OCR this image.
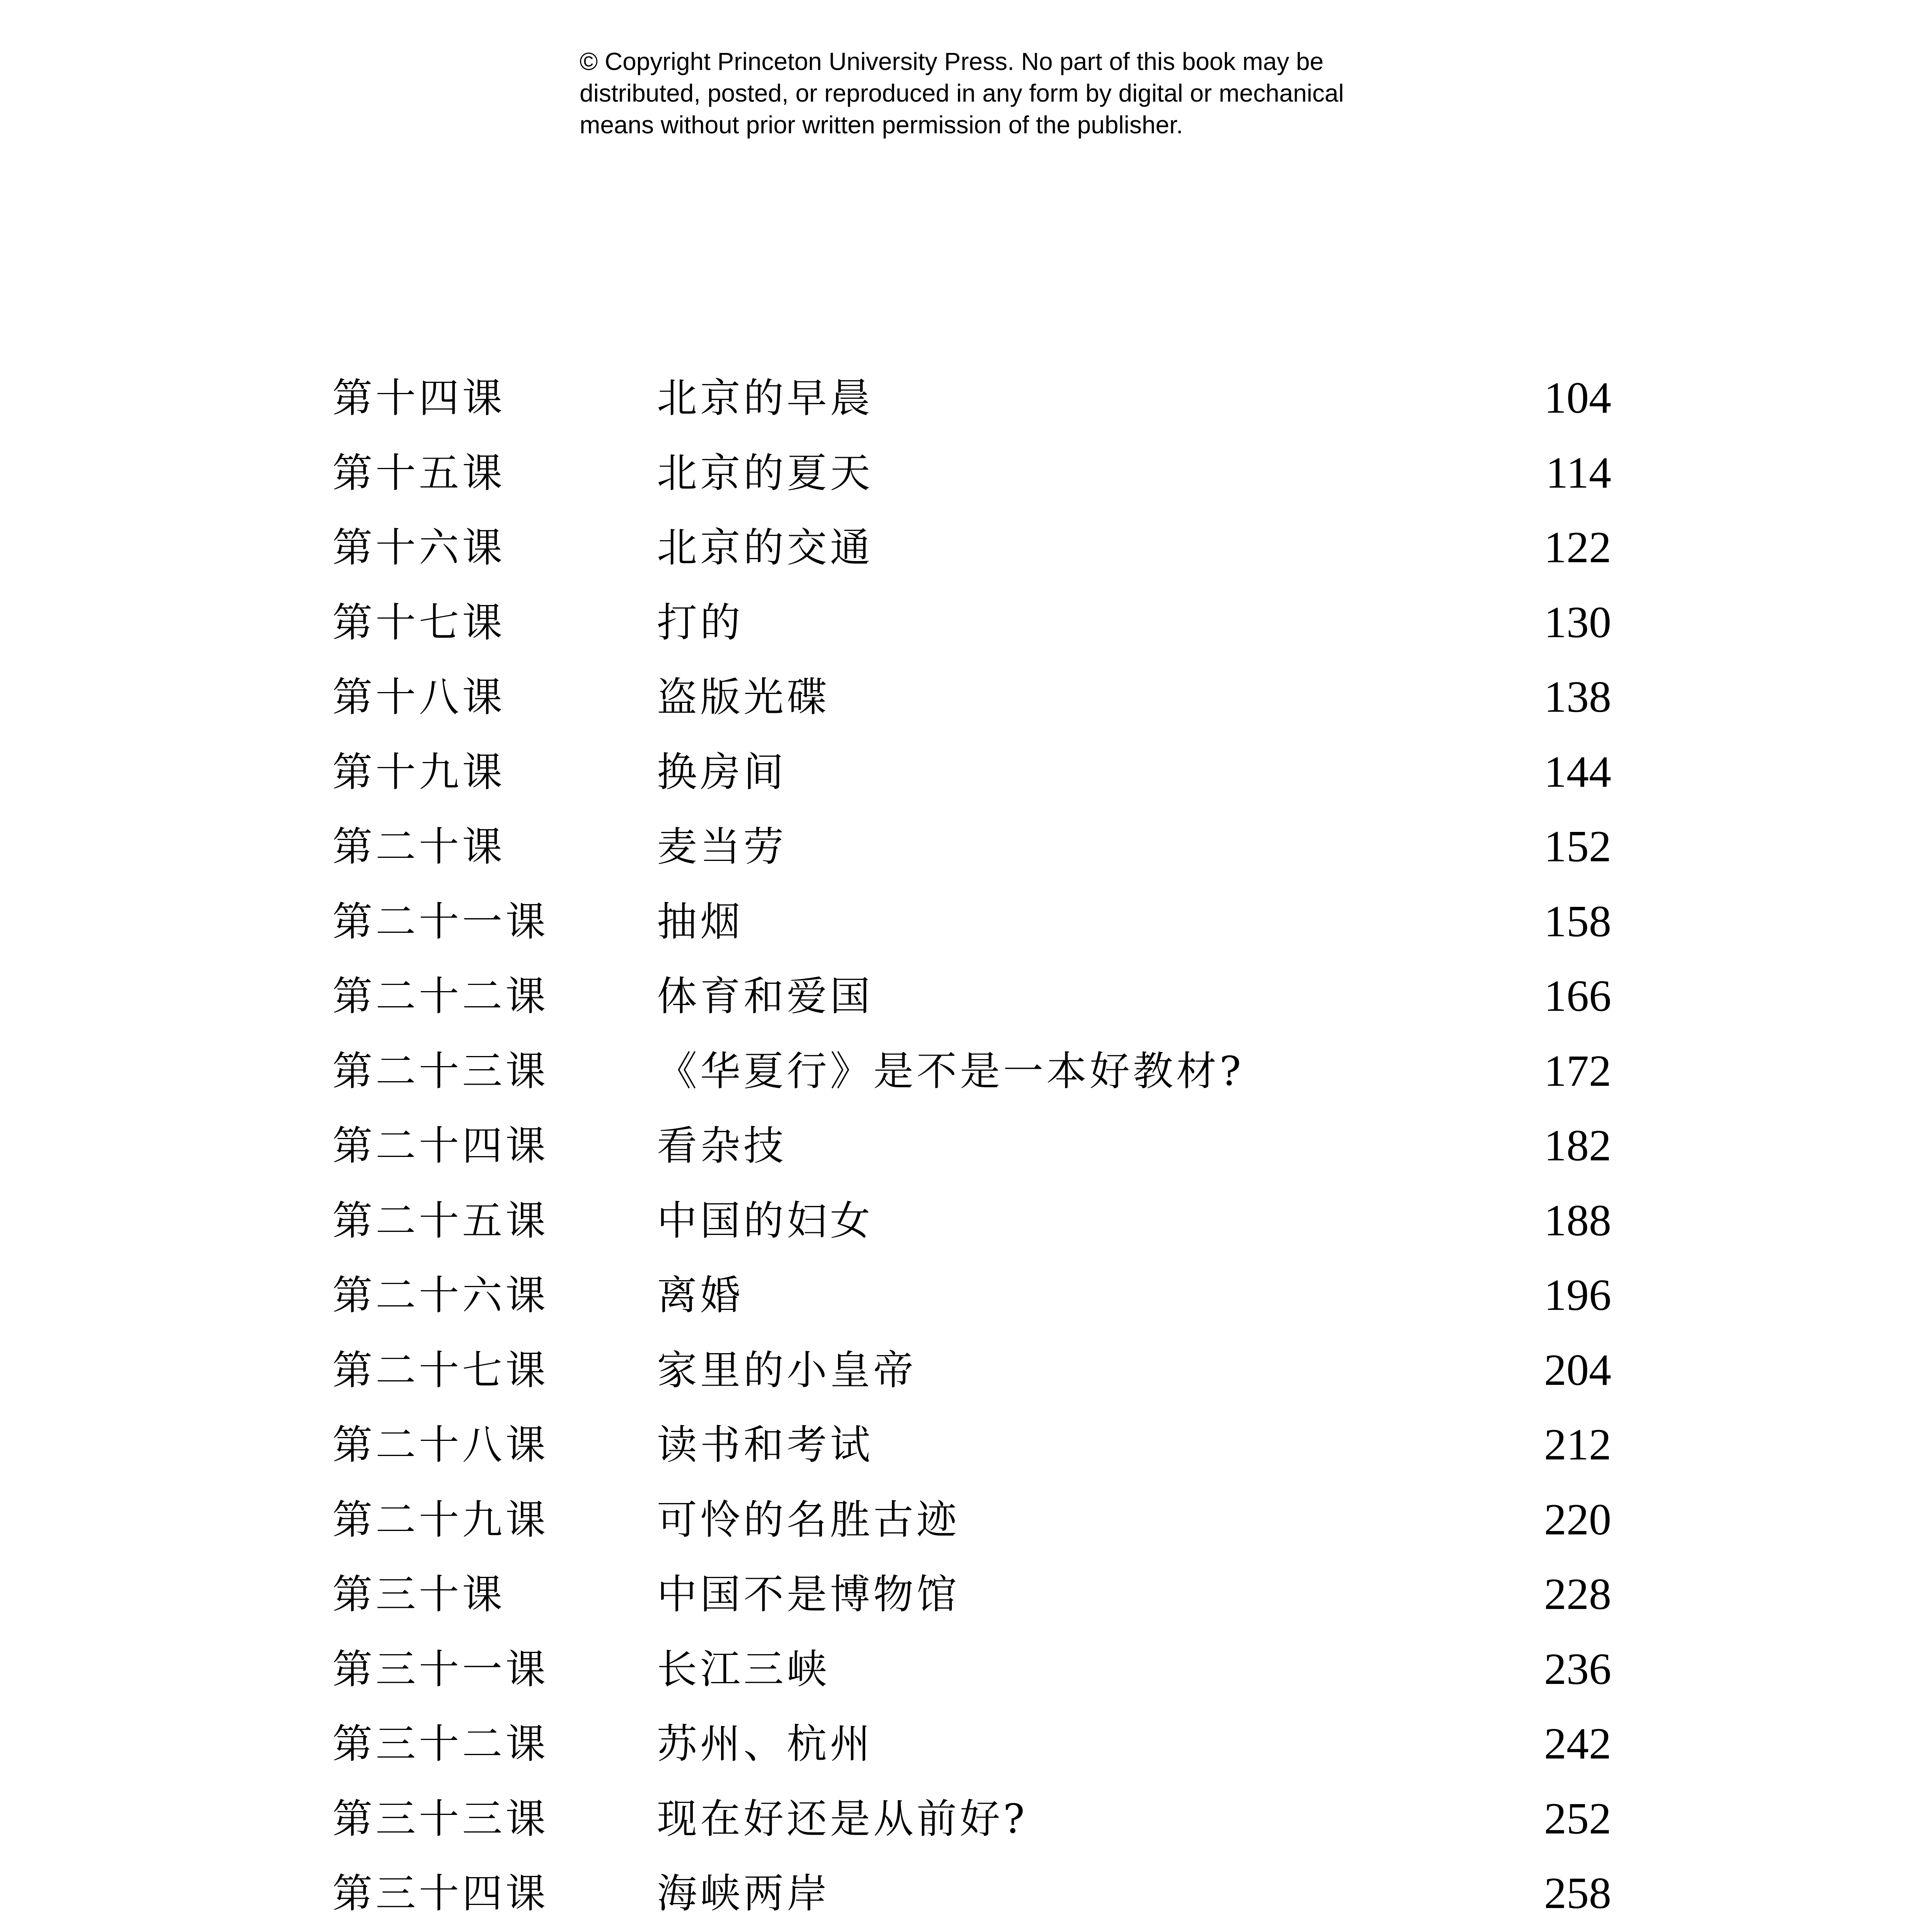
© Copyright Princeton University Press. No part of this book may be
distributed, posted, or reproduced in any form by digital or mechanical
means without prior written permission of the publisher.
第十四课	北京的早晨	104
第十五课	北京的夏天	114
第十六课	北京的交通	122
第十七课	打的	130
第十八课	盗版光碟	138
第十九课	换房间	144
第二十课	麦当劳	152
第二十一课	抽烟	158
第二十二课	体育和爱国	166
第二十三课	《华夏行》是不是一本好教材?	172
第二十四课	看杂技	182
第二十五课	中国的妇女	188
第二十六课	离婚	196
第二十七课	家里的小皇帝	204
第二十八课	读书和考试	212
第二十九课	可怜的名胜古迹	220
第三十课	中国不是博物馆	228
第三十一课	长江三峡	236
第三十二课	苏州、杭州	242
第三十三课	现在好还是从前好?	252
第三十四课	海峡两岸	258
